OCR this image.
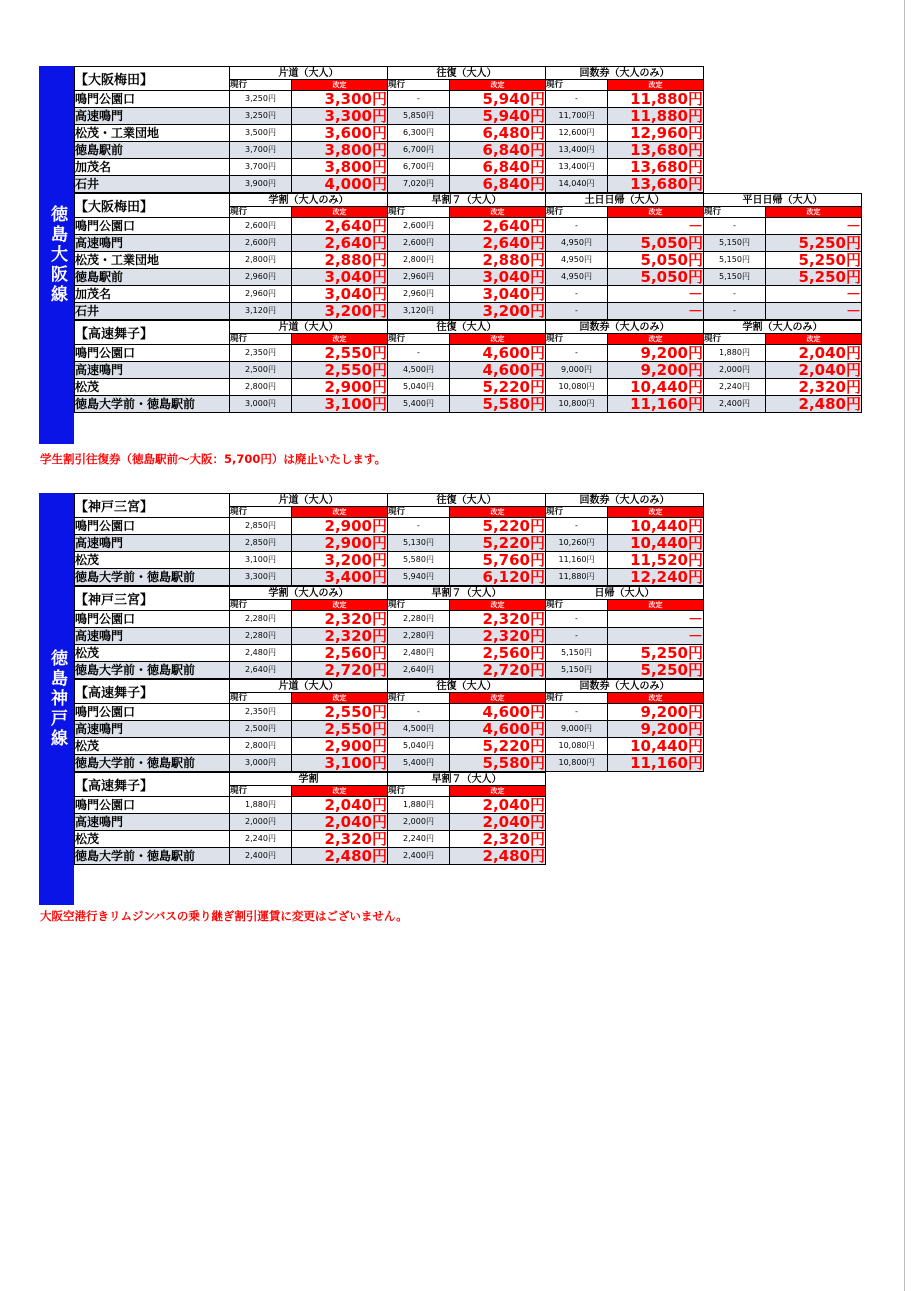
徳島大阪線
【大阪梅田】	片道（大人）		往復（大人）		回数券（大人のみ）	
	現行	改定	現行	改定	現行	改定
鳴門公園口	3,250円	3,300円	-	5,940円	-	11,880円
高速鳴門	3,250円	3,300円	5,850円	5,940円	11,700円	11,880円
松茂・工業団地	3,500円	3,600円	6,300円	6,480円	12,600円	12,960円
徳島駅前	3,700円	3,800円	6,700円	6,840円	13,400円	13,680円
加茂名	3,700円	3,800円	6,700円	6,840円	13,400円	13,680円
石井	3,900円	4,000円	7,020円	6,840円	14,040円	13,680円
【大阪梅田】	学割（大人のみ）		早割７（大人）		土日日帰（大人）		平日日帰（大人）	
	現行	改定	現行	改定	現行	改定	現行	改定
鳴門公園口	2,600円	2,640円	2,600円	2,640円	-	－	-	－
高速鳴門	2,600円	2,640円	2,600円	2,640円	4,950円	5,050円	5,150円	5,250円
松茂・工業団地	2,800円	2,880円	2,800円	2,880円	4,950円	5,050円	5,150円	5,250円
徳島駅前	2,960円	3,040円	2,960円	3,040円	4,950円	5,050円	5,150円	5,250円
加茂名	2,960円	3,040円	2,960円	3,040円	-	－	-	－
石井	3,120円	3,200円	3,120円	3,200円	-	－	-	－
【高速舞子】	片道（大人）		往復（大人）		回数券（大人のみ）		学割（大人のみ）	
	現行	改定	現行	改定	現行	改定	現行	改定
鳴門公園口	2,350円	2,550円	-	4,600円	-	9,200円	1,880円	2,040円
高速鳴門	2,500円	2,550円	4,500円	4,600円	9,000円	9,200円	2,000円	2,040円
松茂	2,800円	2,900円	5,040円	5,220円	10,080円	10,440円	2,240円	2,320円
徳島大学前・徳島駅前	3,000円	3,100円	5,400円	5,580円	10,800円	11,160円	2,400円	2,480円
学生割引往復券（徳島駅前～大阪：5,700円）は廃止いたします。
徳島神戸線
【神戸三宮】	片道（大人）		往復（大人）		回数券（大人のみ）	
	現行	改定	現行	改定	現行	改定
鳴門公園口	2,850円	2,900円	-	5,220円	-	10,440円
高速鳴門	2,850円	2,900円	5,130円	5,220円	10,260円	10,440円
松茂	3,100円	3,200円	5,580円	5,760円	11,160円	11,520円
徳島大学前・徳島駅前	3,300円	3,400円	5,940円	6,120円	11,880円	12,240円
【神戸三宮】	学割（大人のみ）		早割７（大人）		日帰（大人）	
	現行	改定	現行	改定	現行	改定
鳴門公園口	2,280円	2,320円	2,280円	2,320円	-	－
高速鳴門	2,280円	2,320円	2,280円	2,320円	-	－
松茂	2,480円	2,560円	2,480円	2,560円	5,150円	5,250円
徳島大学前・徳島駅前	2,640円	2,720円	2,640円	2,720円	5,150円	5,250円
【高速舞子】	片道（大人）		往復（大人）		回数券（大人のみ）	
	現行	改定	現行	改定	現行	改定
鳴門公園口	2,350円	2,550円	-	4,600円	-	9,200円
高速鳴門	2,500円	2,550円	4,500円	4,600円	9,000円	9,200円
松茂	2,800円	2,900円	5,040円	5,220円	10,080円	10,440円
徳島大学前・徳島駅前	3,000円	3,100円	5,400円	5,580円	10,800円	11,160円
【高速舞子】	学割		早割７（大人）	
	現行	改定	現行	改定
鳴門公園口	1,880円	2,040円	1,880円	2,040円
高速鳴門	2,000円	2,040円	2,000円	2,040円
松茂	2,240円	2,320円	2,240円	2,320円
徳島大学前・徳島駅前	2,400円	2,480円	2,400円	2,480円
大阪空港行きリムジンバスの乗り継ぎ割引運賃に変更はございません。
